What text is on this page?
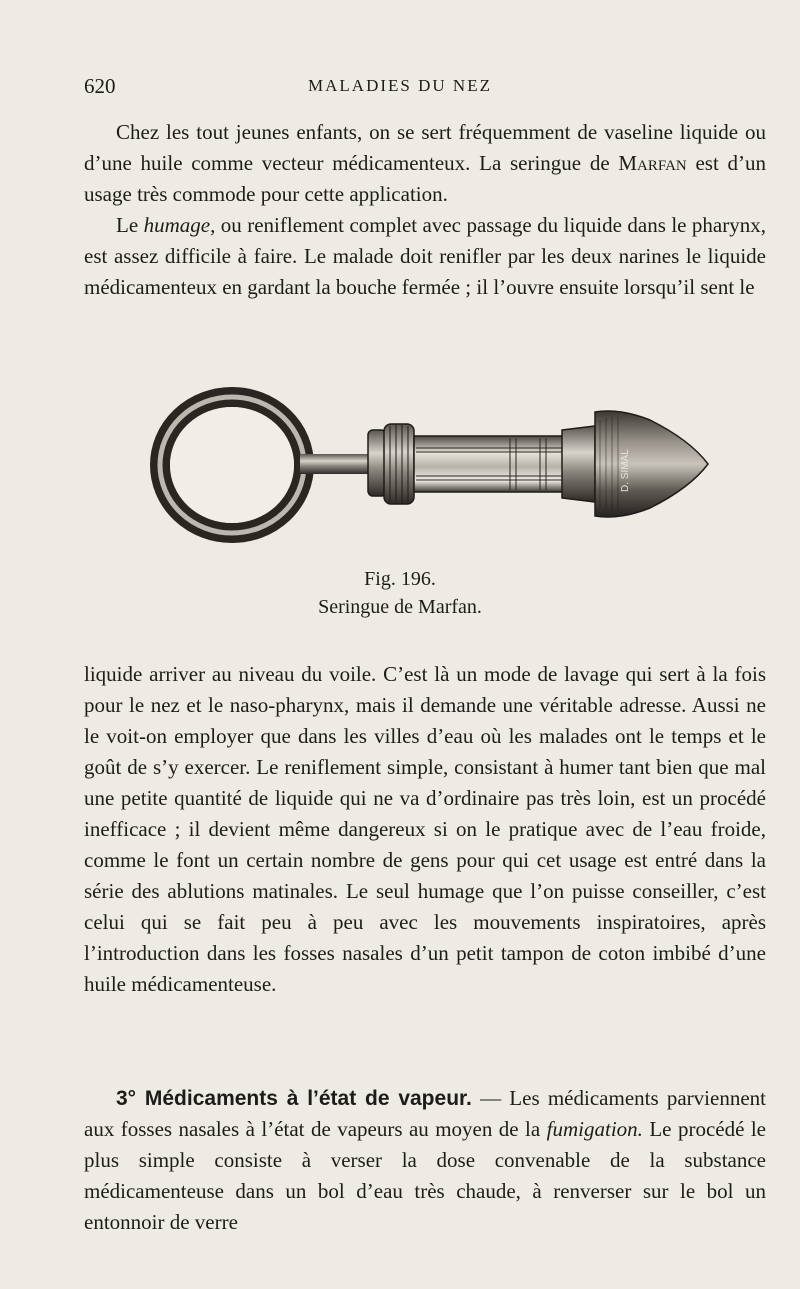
620	MALADIES DU NEZ

Chez les tout jeunes enfants, on se sert fréquemment de vaseline liquide ou d’une huile comme vecteur médicamenteux. La seringue de Marfan est d’un usage très commode pour cette application.

Le humage, ou reniflement complet avec passage du liquide dans le pharynx, est assez difficile à faire. Le malade doit renifler par les deux narines le liquide médicamenteux en gardant la bouche fermée ; il l’ouvre ensuite lorsqu’il sent le

D. SIMAL
Fig. 196.
Seringue de Marfan.

liquide arriver au niveau du voile. C’est là un mode de lavage qui sert à la fois pour le nez et le naso-pharynx, mais il demande une véritable adresse. Aussi ne le voit-on employer que dans les villes d’eau où les malades ont le temps et le goût de s’y exercer. Le reniflement simple, consistant à humer tant bien que mal une petite quantité de liquide qui ne va d’ordinaire pas très loin, est un procédé inefficace ; il devient même dangereux si on le pratique avec de l’eau froide, comme le font un certain nombre de gens pour qui cet usage est entré dans la série des ablutions matinales. Le seul humage que l’on puisse conseiller, c’est celui qui se fait peu à peu avec les mouvements inspiratoires, après l’introduction dans les fosses nasales d’un petit tampon de coton imbibé d’une huile médicamenteuse.

3° Médicaments à l’état de vapeur. — Les médicaments parviennent aux fosses nasales à l’état de vapeurs au moyen de la fumigation. Le procédé le plus simple consiste à verser la dose convenable de la substance médicamenteuse dans un bol d’eau très chaude, à renverser sur le bol un entonnoir de verre
